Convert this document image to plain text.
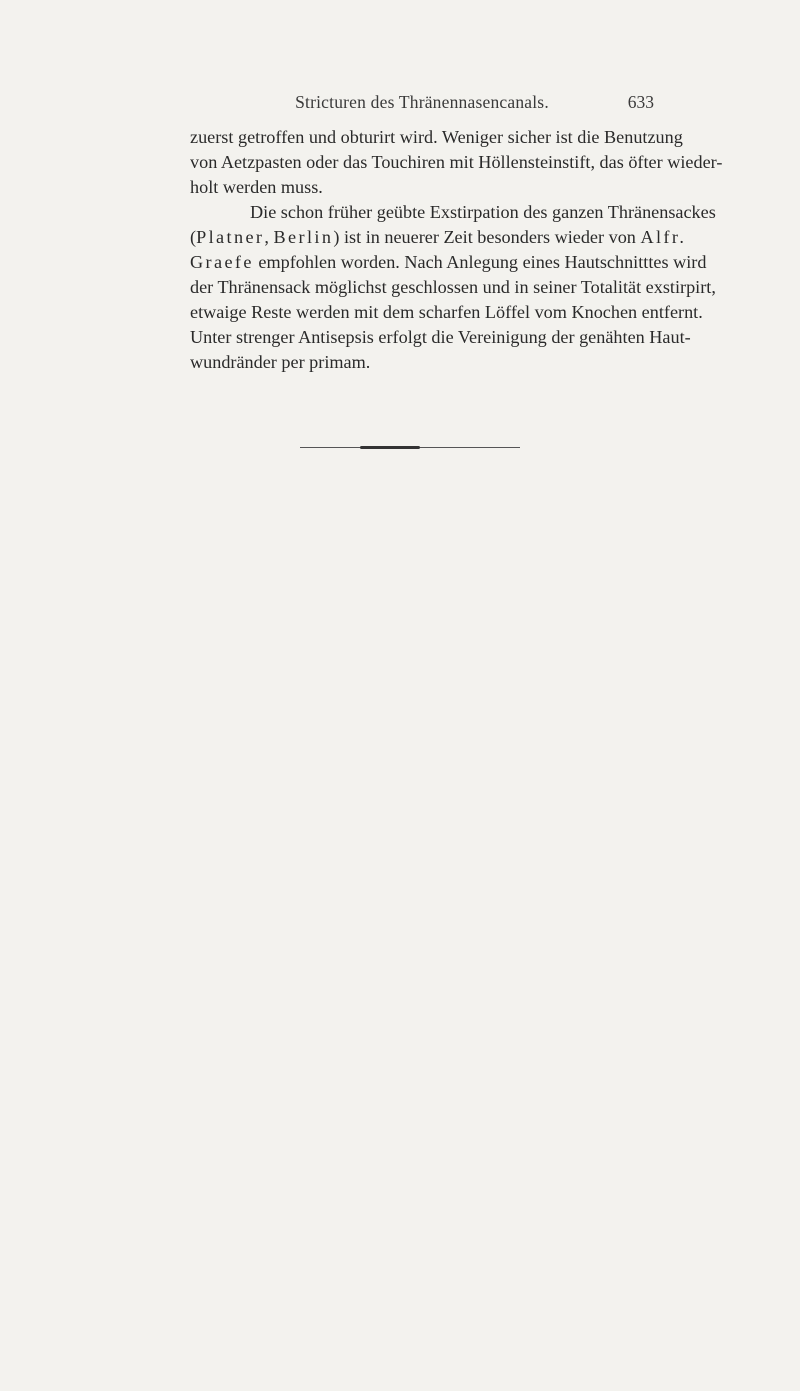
Stricturen des Thränennasencanals.	633
zuerst getroffen und obturirt wird. Weniger sicher ist die Benutzung
von Aetzpasten oder das Touchiren mit Höllensteinstift, das öfter wieder-
holt werden muss.
Die schon früher geübte Exstirpation des ganzen Thränensackes
(Platner, Berlin) ist in neuerer Zeit besonders wieder von Alfr.
Graefe empfohlen worden. Nach Anlegung eines Hautschnitttes wird
der Thränensack möglichst geschlossen und in seiner Totalität exstirpirt,
etwaige Reste werden mit dem scharfen Löffel vom Knochen entfernt.
Unter strenger Antisepsis erfolgt die Vereinigung der genähten Haut-
wundränder per primam.
